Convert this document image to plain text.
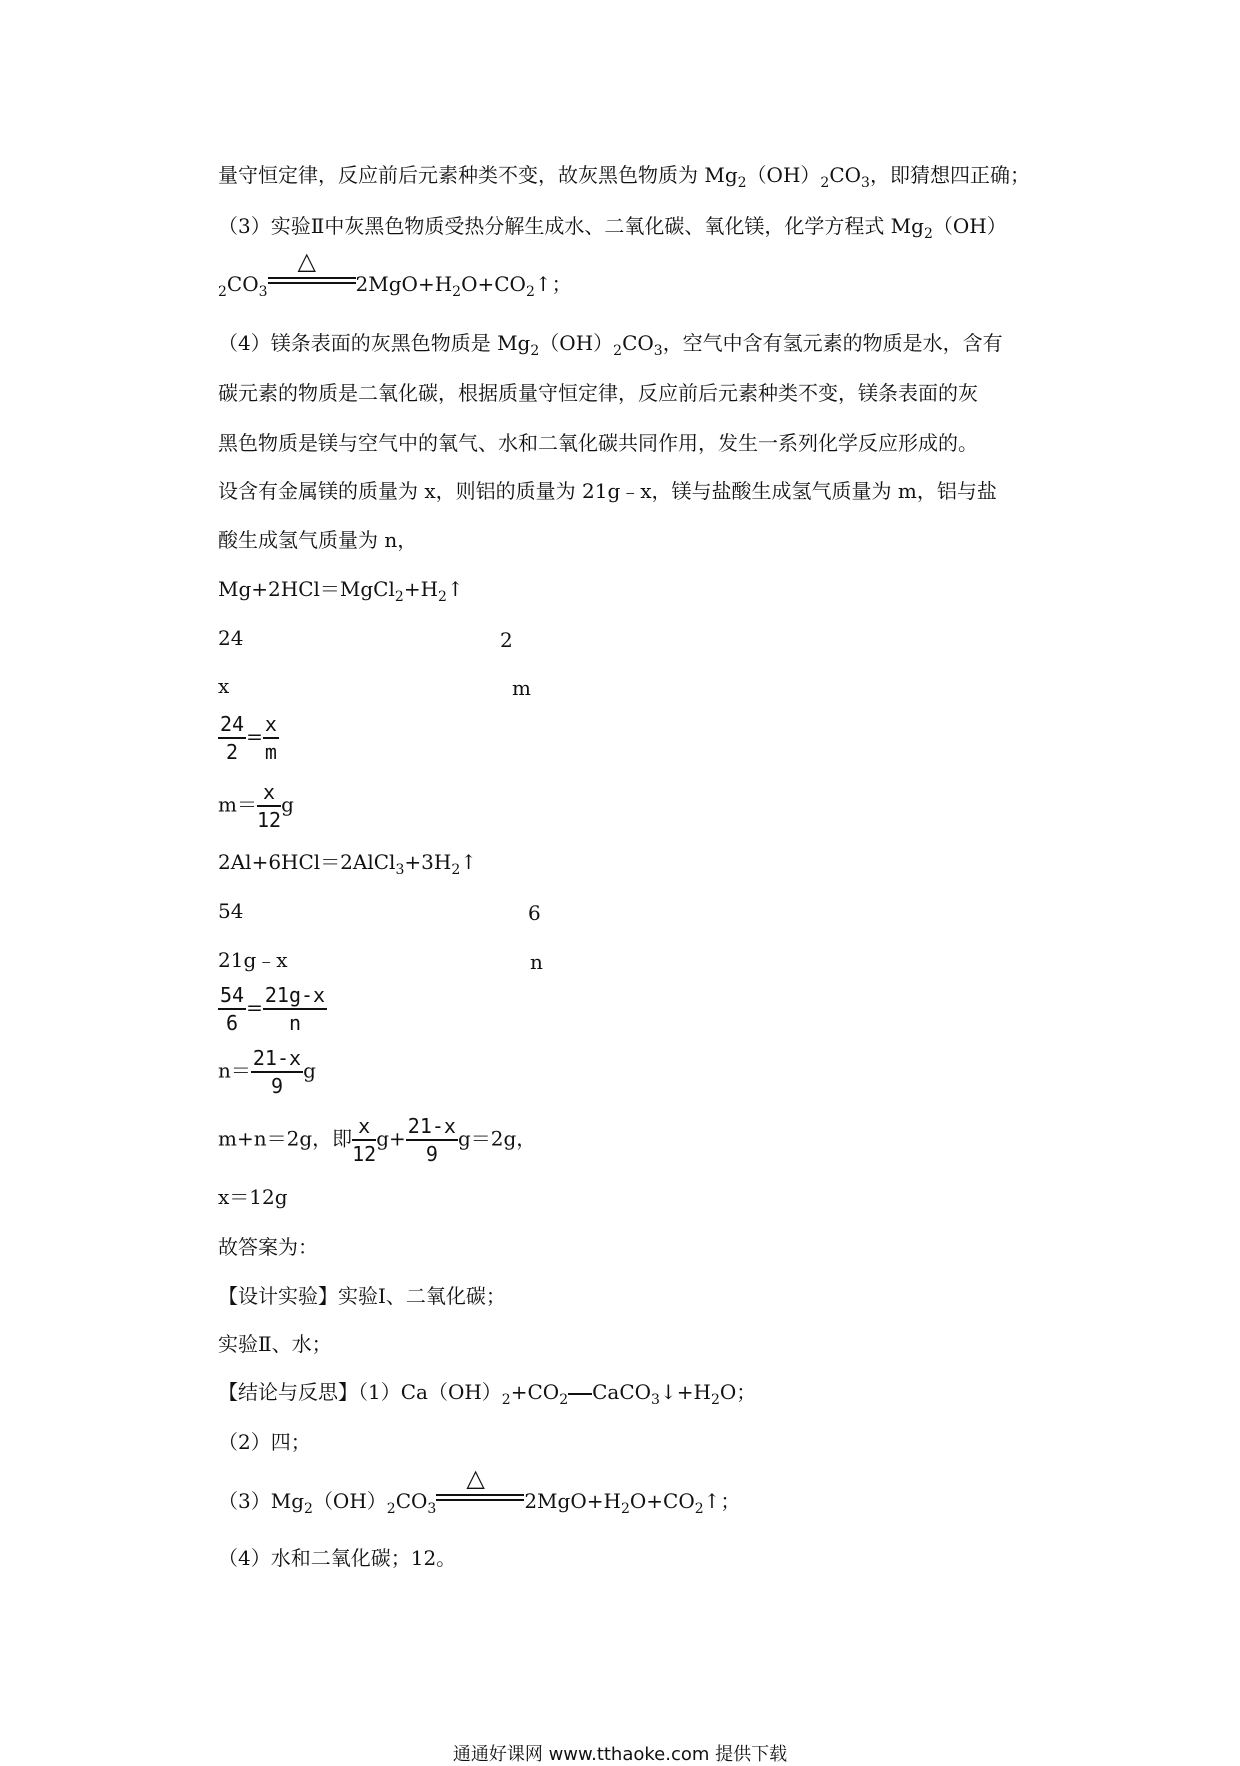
量守恒定律，反应前后元素种类不变，故灰黑色物质为 $Mg_2(OH)_2CO_3$，即猜想四正确；
（3）实验Ⅱ中灰黑色物质受热分解生成水、二氧化碳、氧化镁，化学方程式 $Mg_2(OH)$
$_2CO_3$
△
$2MgO+H_2O+CO_2↑$；
（4）镁条表面的灰黑色物质是 $Mg_2(OH)_2CO_3$，空气中含有氢元素的物质是水，含有
碳元素的物质是二氧化碳，根据质量守恒定律，反应前后元素种类不变，镁条表面的灰
黑色物质是镁与空气中的氧气、水和二氧化碳共同作用，发生一系列化学反应形成的。
设含有金属镁的质量为 x，则铝的质量为 21g﹣x，镁与盐酸生成氢气质量为 m，铝与盐
酸生成氢气质量为 n，
$Mg+2HCl=MgCl_2+H_2↑$
24	2
x	m
$\frac{24}{2} = \frac{x}{m}$
$m= \frac{x}{12}$ g
$2Al+6HCl=2AlCl_3+3H_2↑$
54	6
21g﹣x	n
$\frac{54}{6} = \frac{21g-x}{n}$
$n= \frac{21-x}{9}$ g
m+n＝2g，即 $\frac{x}{12} g+ \frac{21-x}{9} g=2g$，
x＝12g
故答案为：
【设计实验】实验Ⅰ、二氧化碳；
实验Ⅱ、水；
【结论与反思】$(1)Ca(OH)_2+CO_2$ $CaCO_3↓+H_2O$；
（2）四；
$(3)Mg_2(OH)_2CO_3$
△
$2MgO+H_2O+CO_2↑$；
（4）水和二氧化碳；12。
通通好课网 www.tthaoke.com 提供下载
